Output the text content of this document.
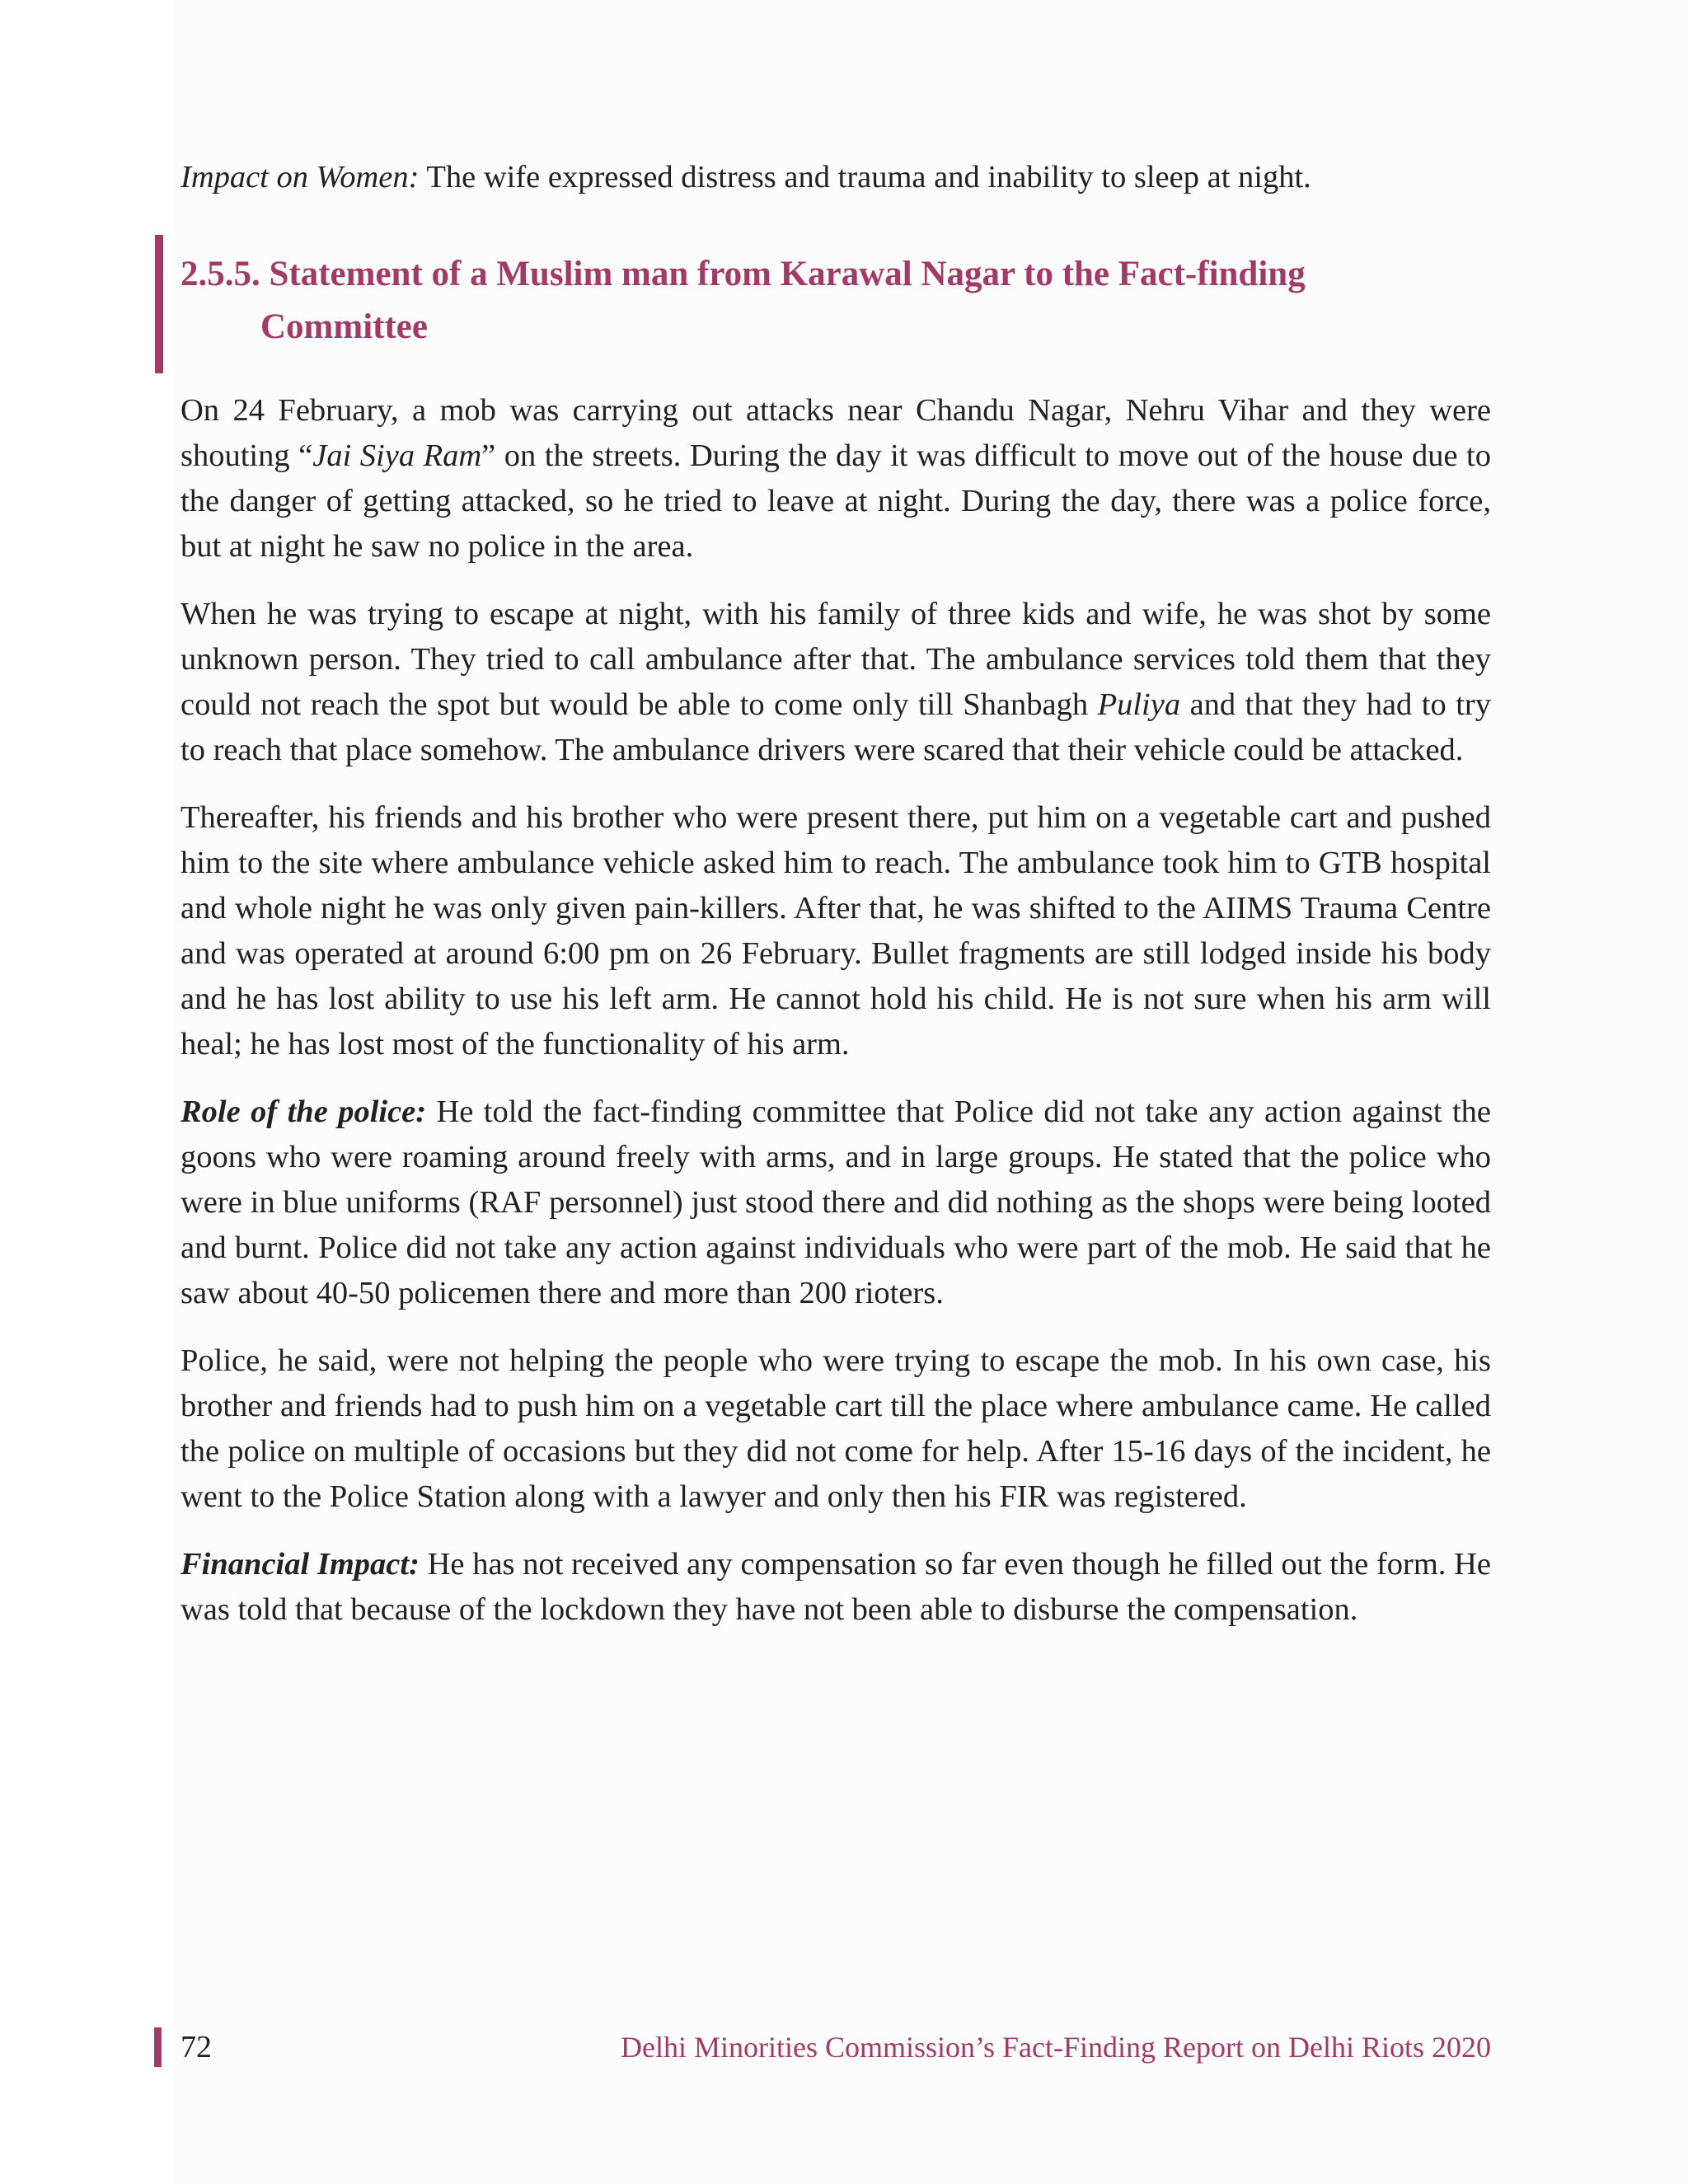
Impact on Women: The wife expressed distress and trauma and inability to sleep at night.

2.5.5. Statement of a Muslim man from Karawal Nagar to the Fact-finding
Committee

On 24 February, a mob was carrying out attacks near Chandu Nagar, Nehru Vihar and they were shouting “Jai Siya Ram” on the streets. During the day it was difficult to move out of the house due to the danger of getting attacked, so he tried to leave at night. During the day, there was a police force, but at night he saw no police in the area.

When he was trying to escape at night, with his family of three kids and wife, he was shot by some unknown person. They tried to call ambulance after that. The ambulance services told them that they could not reach the spot but would be able to come only till Shanbagh Puliya and that they had to try to reach that place somehow. The ambulance drivers were scared that their vehicle could be attacked.

Thereafter, his friends and his brother who were present there, put him on a vegetable cart and pushed him to the site where ambulance vehicle asked him to reach. The ambulance took him to GTB hospital and whole night he was only given pain-killers. After that, he was shifted to the AIIMS Trauma Centre and was operated at around 6:00 pm on 26 February. Bullet fragments are still lodged inside his body and he has lost ability to use his left arm. He cannot hold his child. He is not sure when his arm will heal; he has lost most of the functionality of his arm.

Role of the police: He told the fact-finding committee that Police did not take any action against the goons who were roaming around freely with arms, and in large groups. He stated that the police who were in blue uniforms (RAF personnel) just stood there and did nothing as the shops were being looted and burnt. Police did not take any action against individuals who were part of the mob. He said that he saw about 40-50 policemen there and more than 200 rioters.

Police, he said, were not helping the people who were trying to escape the mob. In his own case, his brother and friends had to push him on a vegetable cart till the place where ambulance came. He called the police on multiple of occasions but they did not come for help. After 15-16 days of the incident, he went to the Police Station along with a lawyer and only then his FIR was registered.

Financial Impact: He has not received any compensation so far even though he filled out the form. He was told that because of the lockdown they have not been able to disburse the compensation.

72	Delhi Minorities Commission’s Fact-Finding Report on Delhi Riots 2020
